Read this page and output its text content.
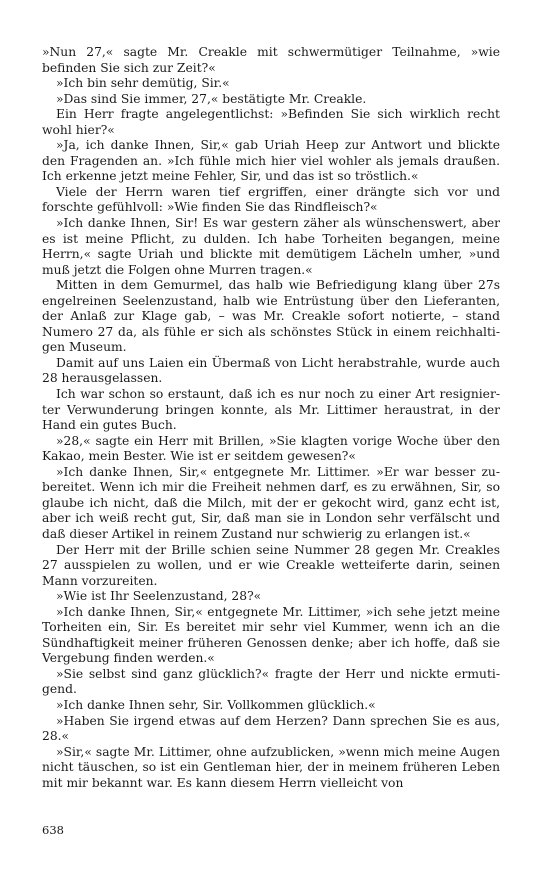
»Nun 27,« sagte Mr. Creakle mit schwermütiger Teilnahme, »wie befinden Sie sich zur Zeit?«

»Ich bin sehr demütig, Sir.«

»Das sind Sie immer, 27,« bestätigte Mr. Creakle.

Ein Herr fragte angelegentlichst: »Befinden Sie sich wirklich recht wohl hier?«

»Ja, ich danke Ihnen, Sir,« gab Uriah Heep zur Antwort und blickte den Fragenden an. »Ich fühle mich hier viel wohler als jemals draußen. Ich erkenne jetzt meine Fehler, Sir, und das ist so tröstlich.«

Viele der Herrn waren tief ergriffen, einer drängte sich vor und forschte gefühlvoll: »Wie finden Sie das Rindfleisch?«

»Ich danke Ihnen, Sir! Es war gestern zäher als wünschenswert, aber es ist meine Pflicht, zu dulden. Ich habe Torheiten begangen, meine Herrn,« sagte Uriah und blickte mit demütigem Lächeln umher, »und muß jetzt die Folgen ohne Murren tragen.«

Mitten in dem Gemurmel, das halb wie Befriedigung klang über 27s engelreinen Seelenzustand, halb wie Entrüstung über den Lieferanten, der Anlaß zur Klage gab, – was Mr. Creakle sofort notierte, – stand Numero 27 da, als fühle er sich als schönstes Stück in einem reichhaltigen Museum.

Damit auf uns Laien ein Übermaß von Licht herabstrahle, wurde auch 28 herausgelassen.

Ich war schon so erstaunt, daß ich es nur noch zu einer Art resignierter Verwunderung bringen konnte, als Mr. Littimer heraustrat, in der Hand ein gutes Buch.

»28,« sagte ein Herr mit Brillen, »Sie klagten vorige Woche über den Kakao, mein Bester. Wie ist er seitdem gewesen?«

»Ich danke Ihnen, Sir,« entgegnete Mr. Littimer. »Er war besser zubereitet. Wenn ich mir die Freiheit nehmen darf, es zu erwähnen, Sir, so glaube ich nicht, daß die Milch, mit der er gekocht wird, ganz echt ist, aber ich weiß recht gut, Sir, daß man sie in London sehr verfälscht und daß dieser Artikel in reinem Zustand nur schwierig zu erlangen ist.«

Der Herr mit der Brille schien seine Nummer 28 gegen Mr. Creakles 27 ausspielen zu wollen, und er wie Creakle wetteiferte darin, seinen Mann vorzureiten.

»Wie ist Ihr Seelenzustand, 28?«

»Ich danke Ihnen, Sir,« entgegnete Mr. Littimer, »ich sehe jetzt meine Torheiten ein, Sir. Es bereitet mir sehr viel Kummer, wenn ich an die Sündhaftigkeit meiner früheren Genossen denke; aber ich hoffe, daß sie Vergebung finden werden.«

»Sie selbst sind ganz glücklich?« fragte der Herr und nickte ermutigend.

»Ich danke Ihnen sehr, Sir. Vollkommen glücklich.«

»Haben Sie irgend etwas auf dem Herzen? Dann sprechen Sie es aus, 28.«

»Sir,« sagte Mr. Littimer, ohne aufzublicken, »wenn mich meine Augen nicht täuschen, so ist ein Gentleman hier, der in meinem früheren Leben mit mir bekannt war. Es kann diesem Herrn vielleicht von

638
